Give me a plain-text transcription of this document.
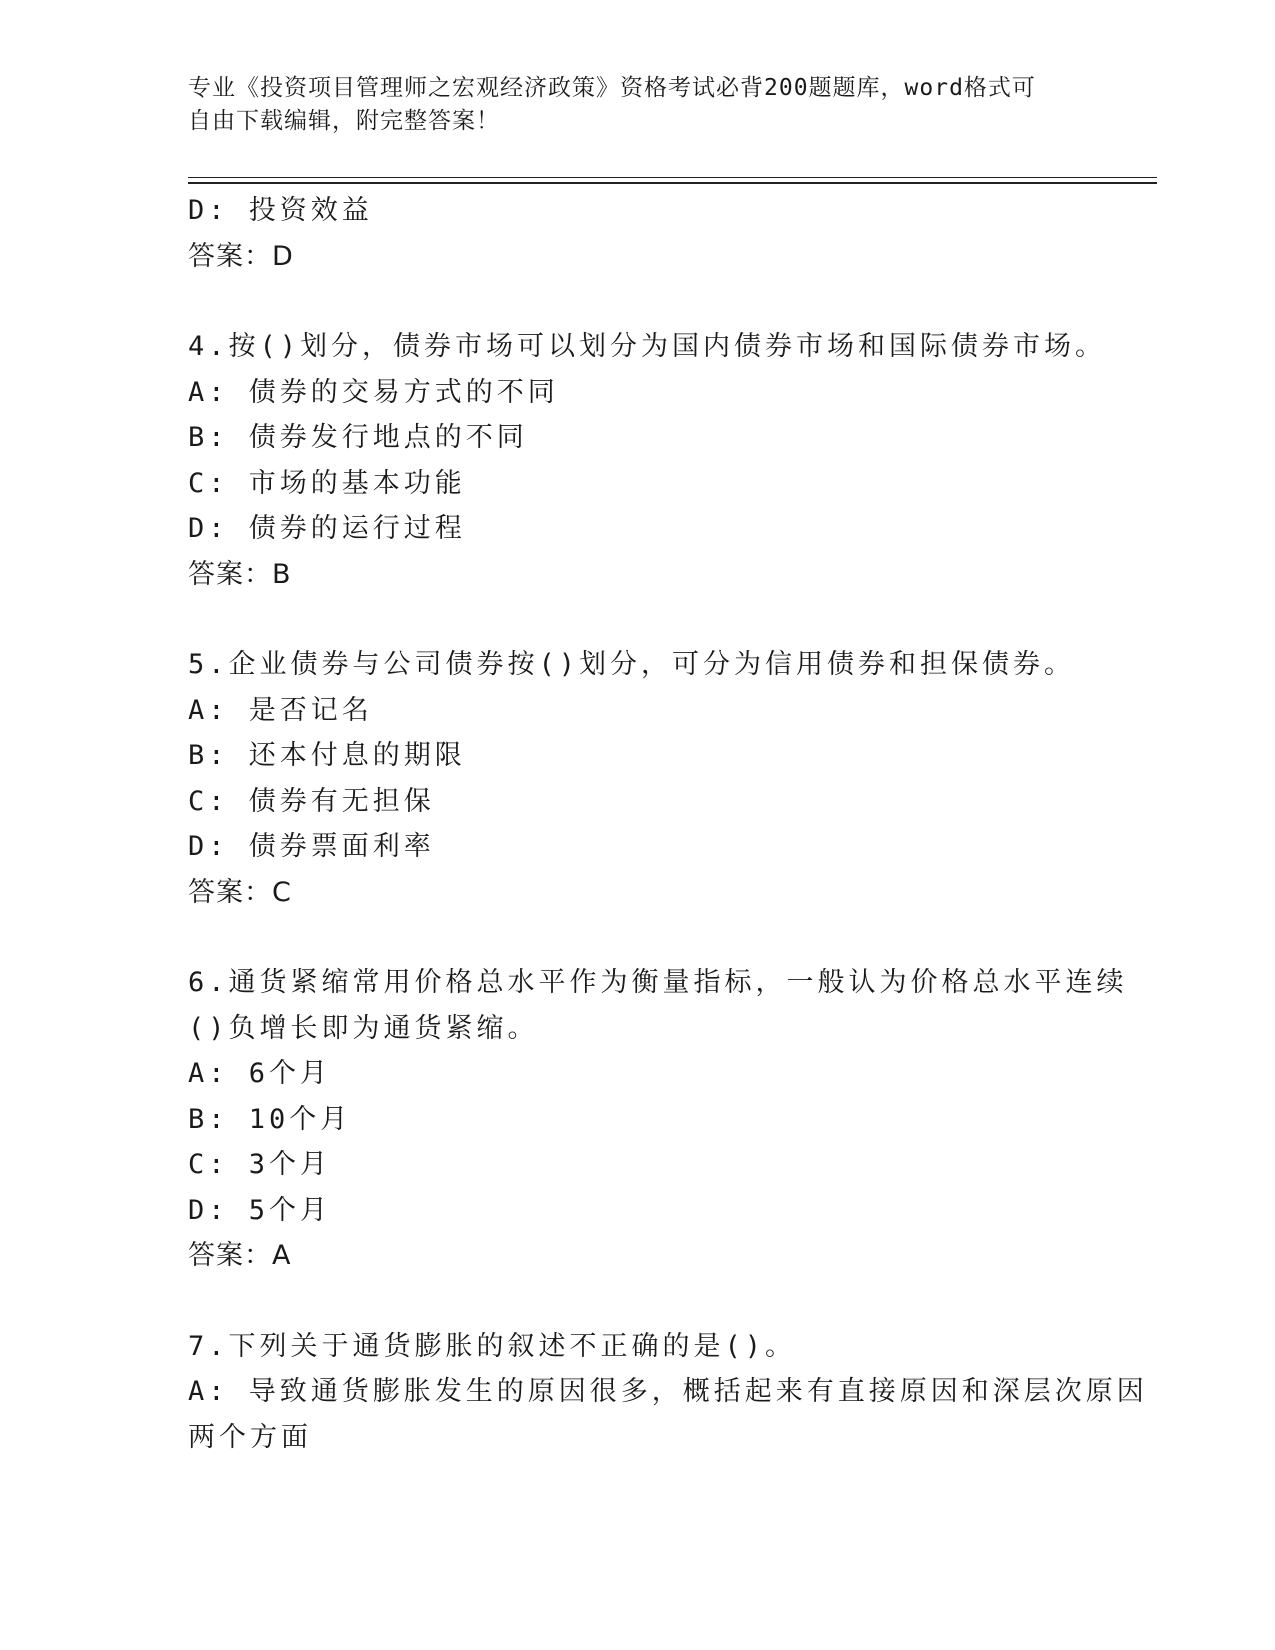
专业《投资项目管理师之宏观经济政策》资格考试必背200题题库，word格式可
自由下载编辑，附完整答案！
D: 投资效益
答案：D
4.按()划分，债券市场可以划分为国内债券市场和国际债券市场。
A: 债券的交易方式的不同
B: 债券发行地点的不同
C: 市场的基本功能
D: 债券的运行过程
答案：B
5.企业债券与公司债券按()划分，可分为信用债券和担保债券。
A: 是否记名
B: 还本付息的期限
C: 债券有无担保
D: 债券票面利率
答案：C
6.通货紧缩常用价格总水平作为衡量指标，一般认为价格总水平连续
()负增长即为通货紧缩。
A: 6个月
B: 10个月
C: 3个月
D: 5个月
答案：A
7.下列关于通货膨胀的叙述不正确的是()。
A: 导致通货膨胀发生的原因很多，概括起来有直接原因和深层次原因
两个方面
